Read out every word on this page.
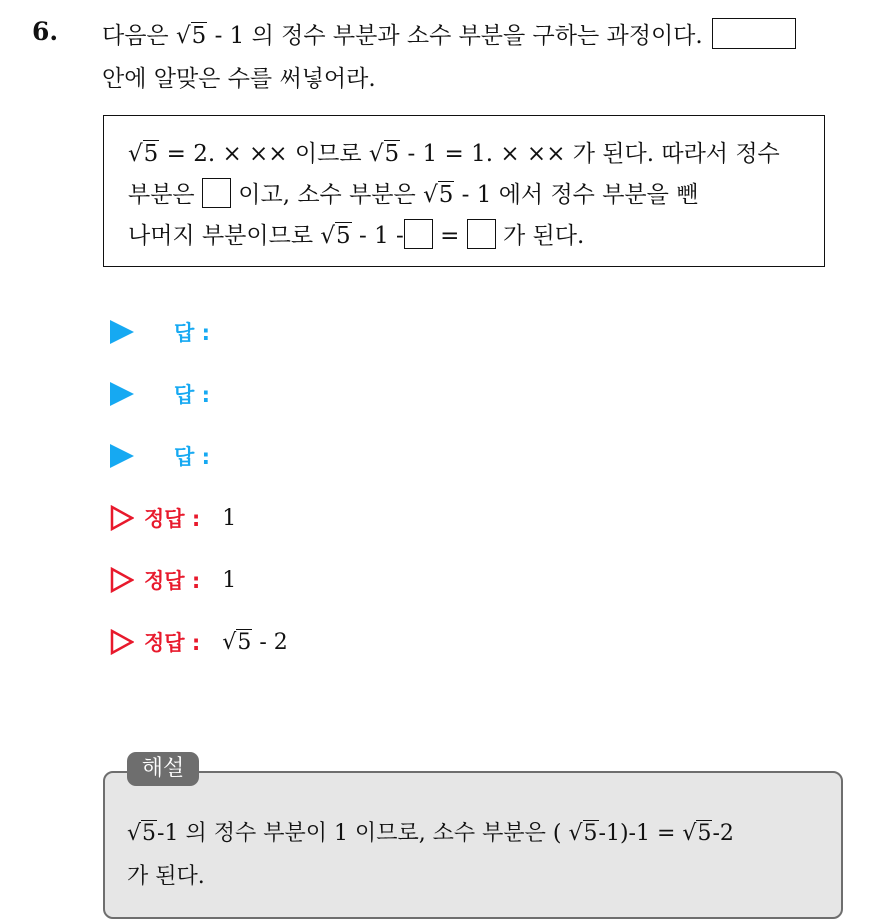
6. 다음은 √5 - 1 의 정수 부분과 소수 부분을 구하는 과정이다.
안에 알맞은 수를 써넣어라.
√5 = 2. × ×× 이므로 √5 - 1 = 1. × ×× 가 된다. 따라서 정수
부분은 이고, 소수 부분은 √5 - 1 에서 정수 부분을 뺀
나머지 부분이므로 √5 - 1 - = 가 된다.
답 :
답 :
답 :
정답 : 1
정답 : 1
정답 : √5 - 2
해설
√5-1 의 정수 부분이 1 이므로, 소수 부분은 ( √5-1)-1 = √5-2
가 된다.
